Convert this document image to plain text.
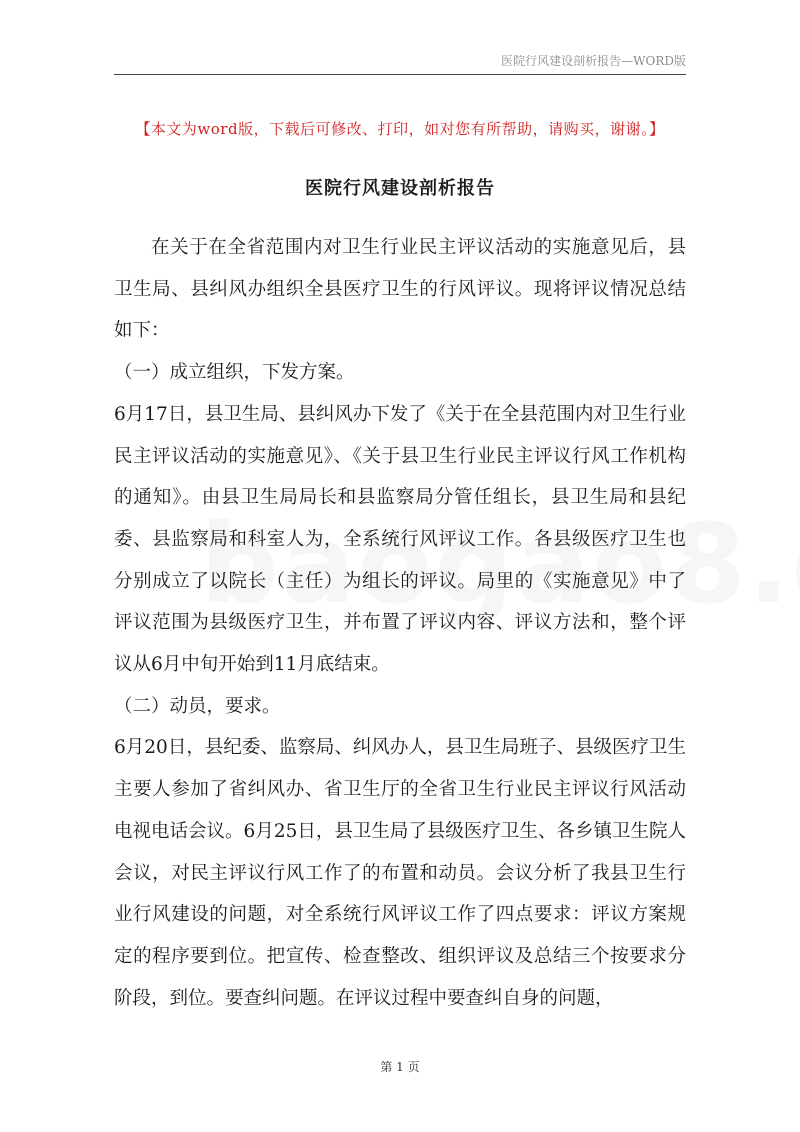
医院行风建设剖析报告—WORD版
【本文为word版，下载后可修改、打印，如对您有所帮助，请购买，谢谢。】
医院行风建设剖析报告

在关于在全省范围内对卫生行业民主评议活动的实施意见后，县卫生局、县纠风办组织全县医疗卫生的行风评议。现将评议情况总结如下：

（一）成立组织，下发方案。

6月17日，县卫生局、县纠风办下发了《关于在全县范围内对卫生行业民主评议活动的实施意见》、《关于县卫生行业民主评议行风工作机构的通知》。由县卫生局局长和县监察局分管任组长，县卫生局和县纪委、县监察局和科室人为，全系统行风评议工作。各县级医疗卫生也分别成立了以院长（主任）为组长的评议。局里的《实施意见》中了评议范围为县级医疗卫生，并布置了评议内容、评议方法和，整个评议从6月中旬开始到11月底结束。

（二）动员，要求。

6月20日，县纪委、监察局、纠风办人，县卫生局班子、县级医疗卫生主要人参加了省纠风办、省卫生厅的全省卫生行业民主评议行风活动电视电话会议。6月25日，县卫生局了县级医疗卫生、各乡镇卫生院人会议，对民主评议行风工作了的布置和动员。会议分析了我县卫生行业行风建设的问题，对全系统行风评议工作了四点要求：评议方案规定的程序要到位。把宣传、检查整改、组织评议及总结三个按要求分阶段，到位。要查纠问题。在评议过程中要查纠自身的问题，

第 1 页
